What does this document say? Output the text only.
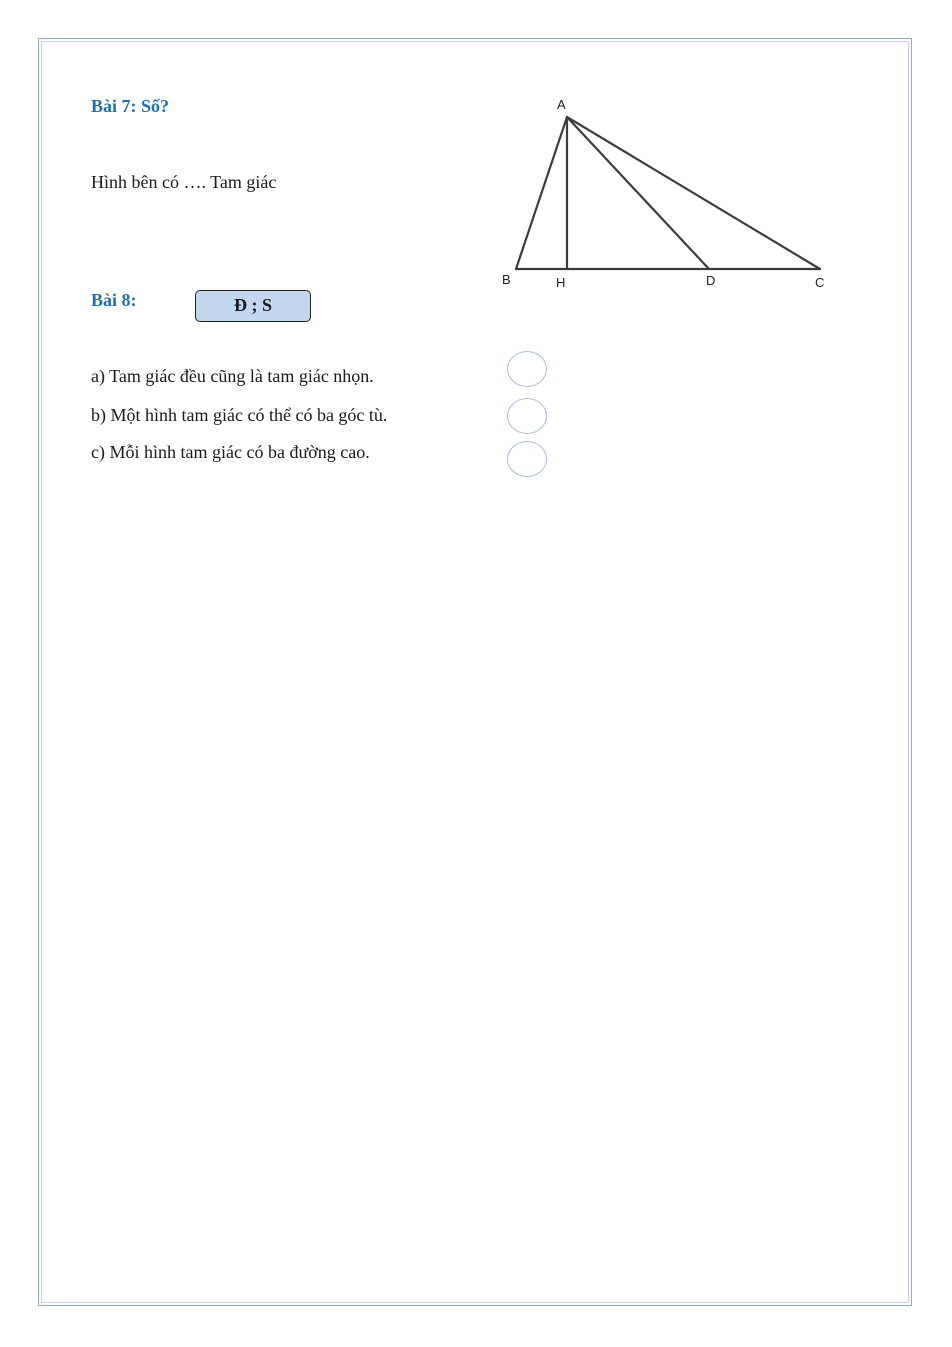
Bài 7: Số?

Hình bên có …. Tam giác

A
B	H	D	C
Bài 8:	Đ ; S

a) Tam giác đều cũng là tam giác nhọn.

b) Một hình tam giác có thể có ba góc tù.

c) Mỗi hình tam giác có ba đường cao.
